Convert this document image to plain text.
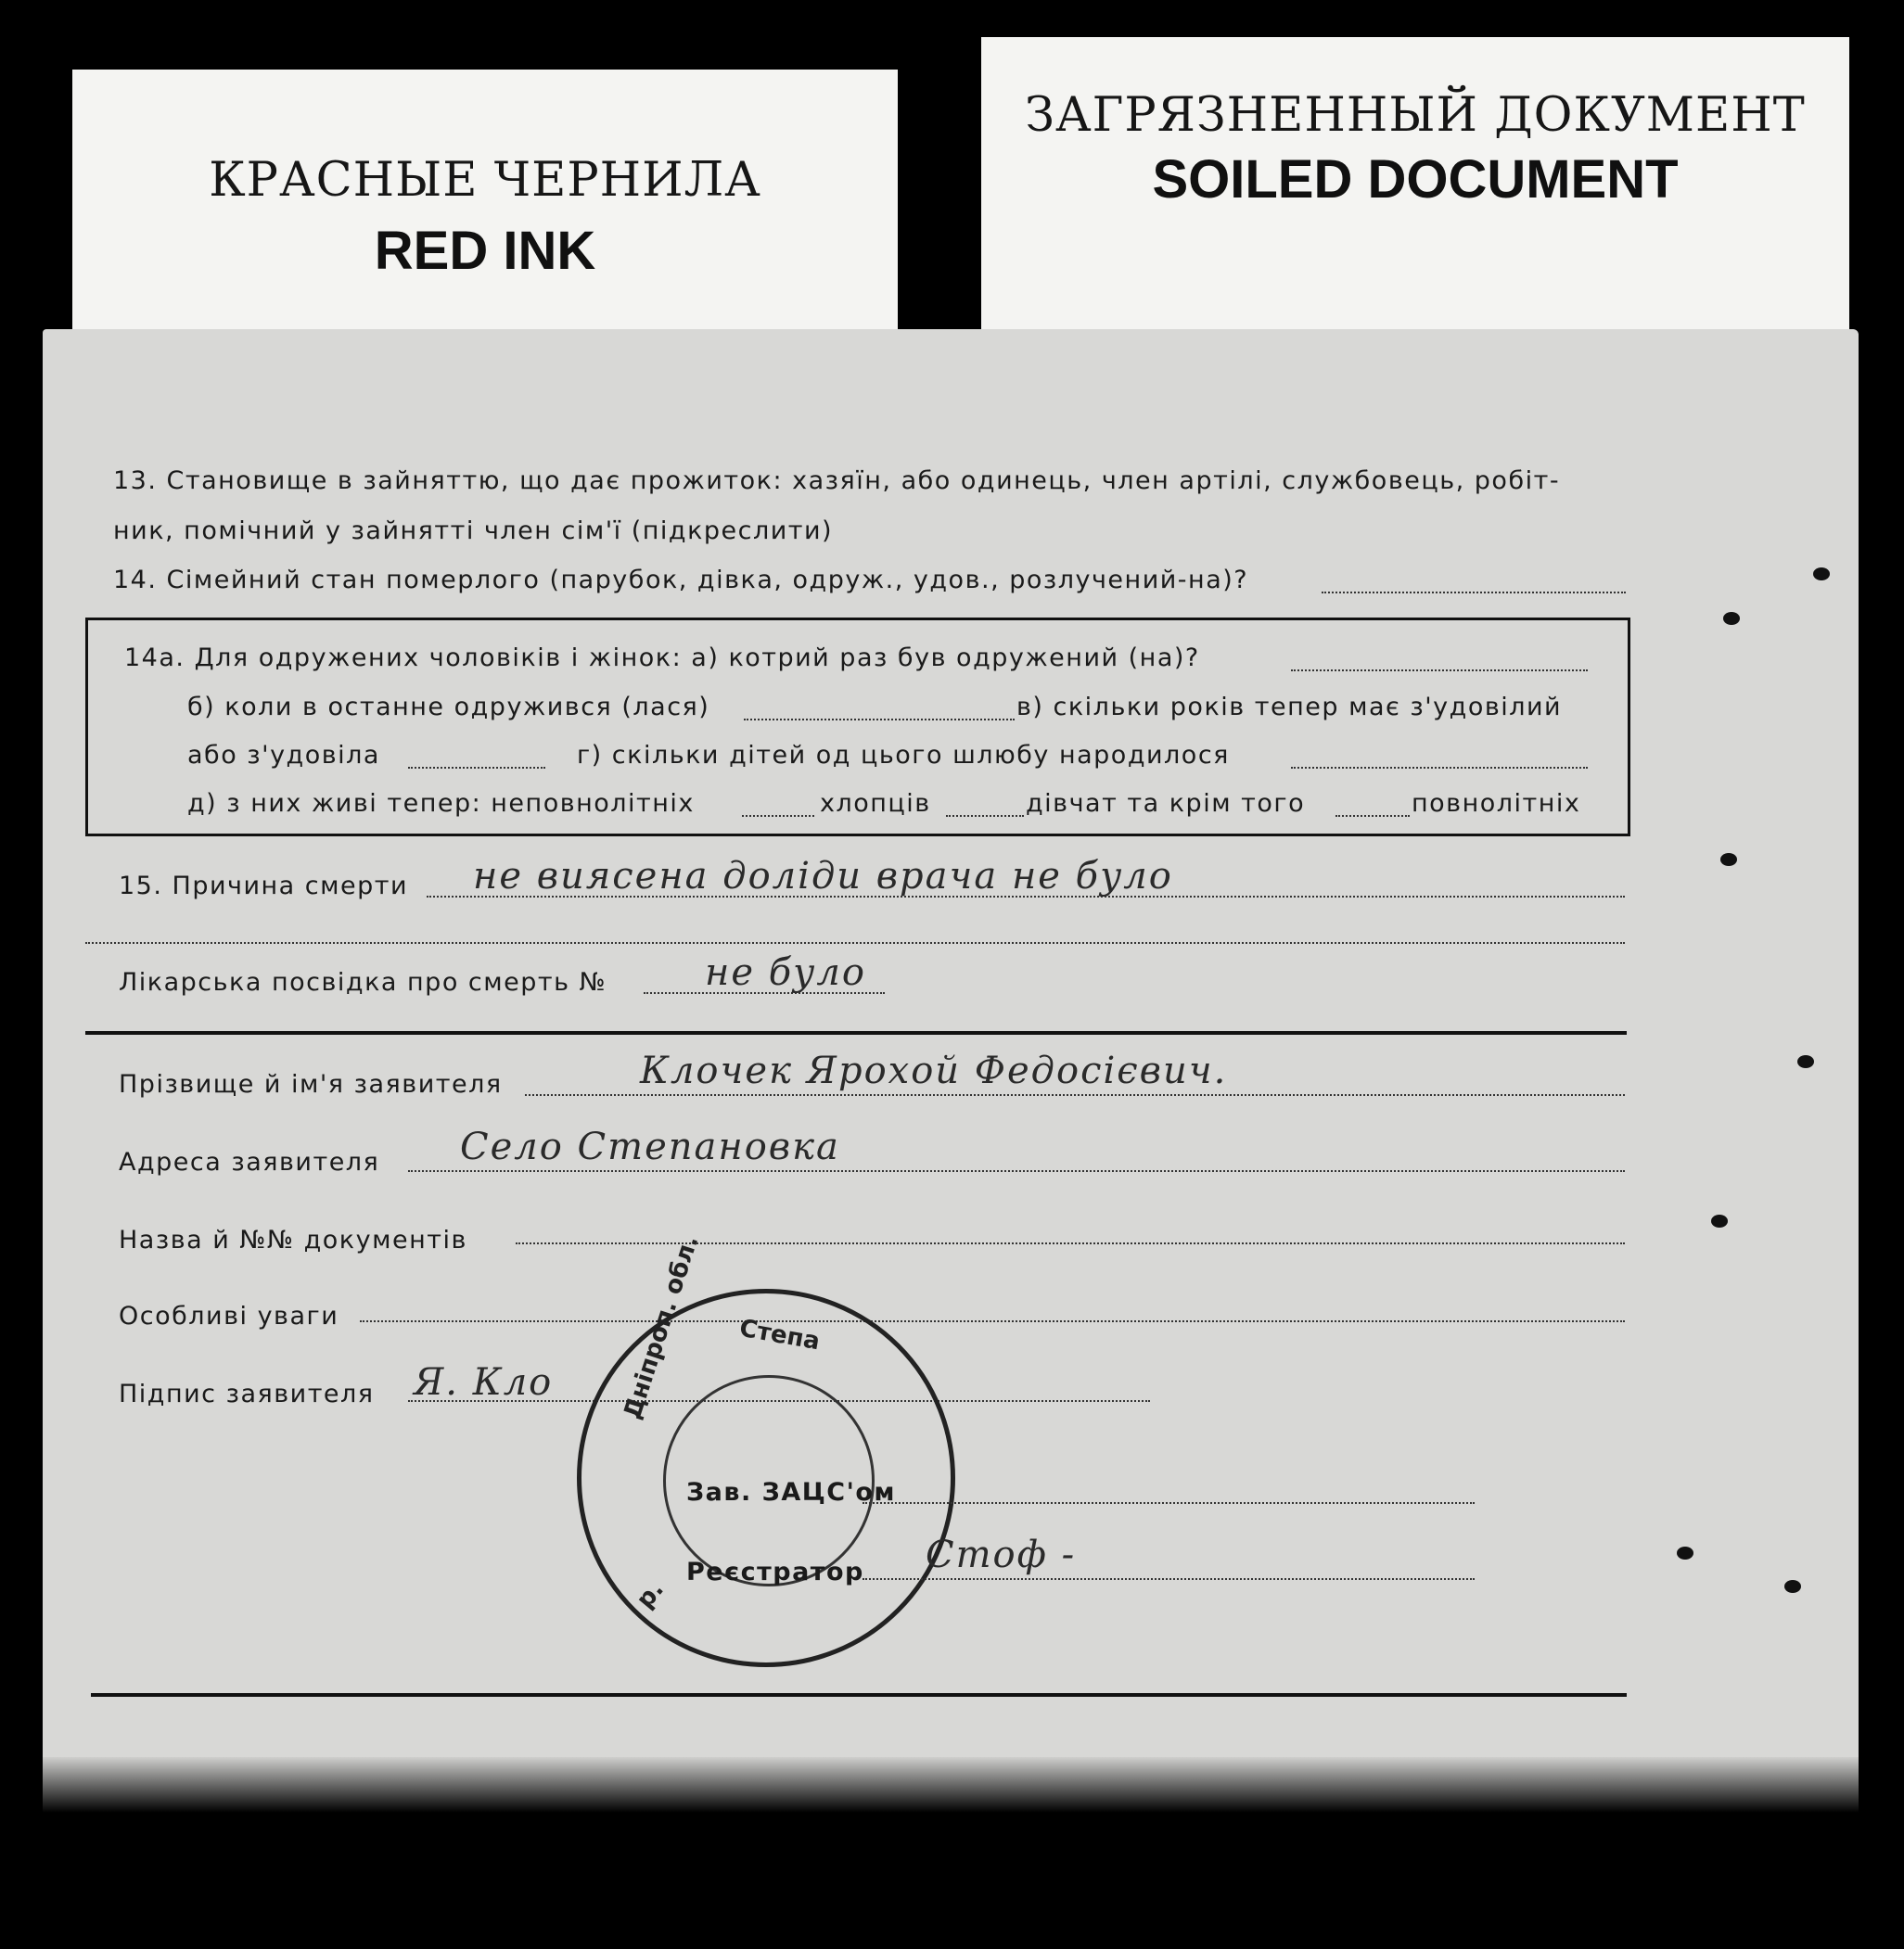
КРАСНЫЕ ЧЕРНИЛА
RED INK
ЗАГРЯЗНЕННЫЙ ДОКУМЕНТ
SOILED DOCUMENT
13. Становище в зайняттю, що дає прожиток: хазяїн, або одинець, член артілі, службовець, робіт-
ник, помічний у зайнятті член сім'ї (підкреслити)
14. Сімейний стан померлого (парубок, дівка, одруж., удов., розлучений-на)?
14а. Для одружених чоловіків і жінок: а) котрий раз був одружений (на)?
б) коли в останне одружився (лася)	в) скільки років тепер має з'удовілий
або з'удовіла	г) скільки дітей од цього шлюбу народилося
д) з них живі тепер: неповнолітніх	хлопців	дівчат та крім того	повнолітніх
15. Причина смерти не виясена доліди врача не було
Лікарська посвідка про смерть №	не було
Прізвище й ім'я заявителя	Клочек Ярохой Федосієвич.
Адреса заявителя Село Степановка
Назва й №№ документів
Особливі уваги
Підпис заявителя Я. Кло	Дніпроп. обл. Степа
р.
Зав. ЗАЦС'ом
Реєстратор Стоф -
